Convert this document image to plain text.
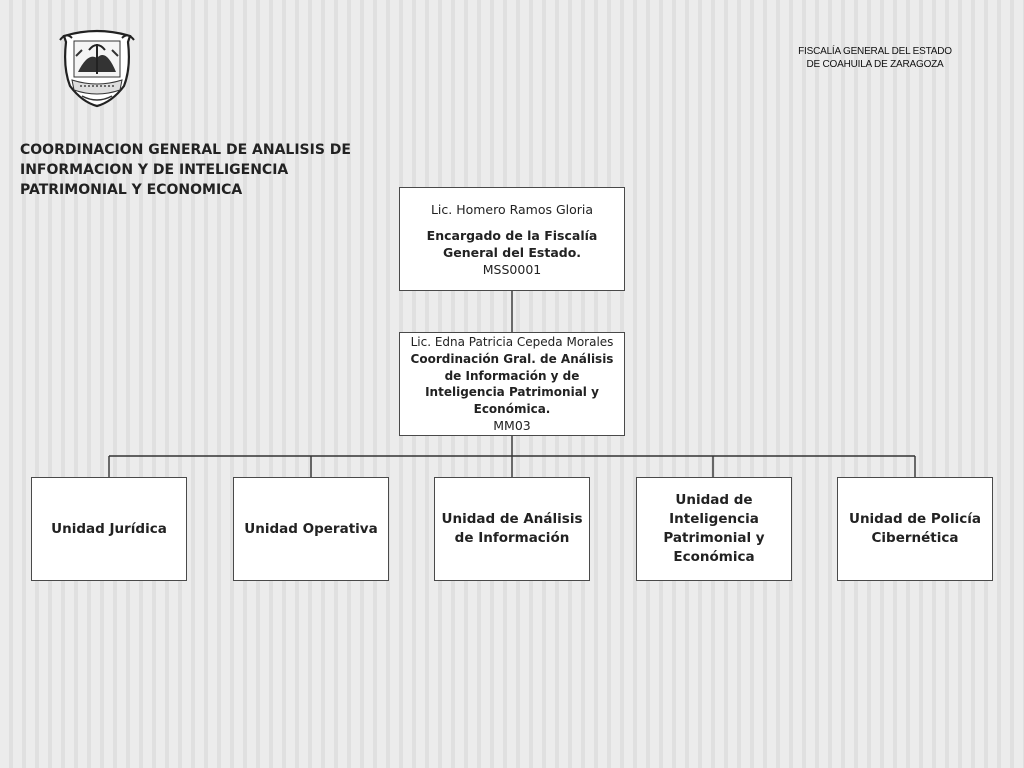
FISCALÍA GENERAL DEL ESTADO
DE COAHUILA DE ZARAGOZA
COORDINACION GENERAL DE ANALISIS DE
INFORMACION Y DE INTELIGENCIA
PATRIMONIAL Y ECONOMICA
Lic. Homero Ramos Gloria
Encargado de la Fiscalía General del Estado.
MSS0001
Lic. Edna Patricia Cepeda Morales
Coordinación Gral. de Análisis de Información y de Inteligencia Patrimonial y Económica.
MM03
Unidad Jurídica	Unidad Operativa
Unidad de Análisis de Información
Unidad de Inteligencia Patrimonial y Económica
Unidad de Policía Cibernética
